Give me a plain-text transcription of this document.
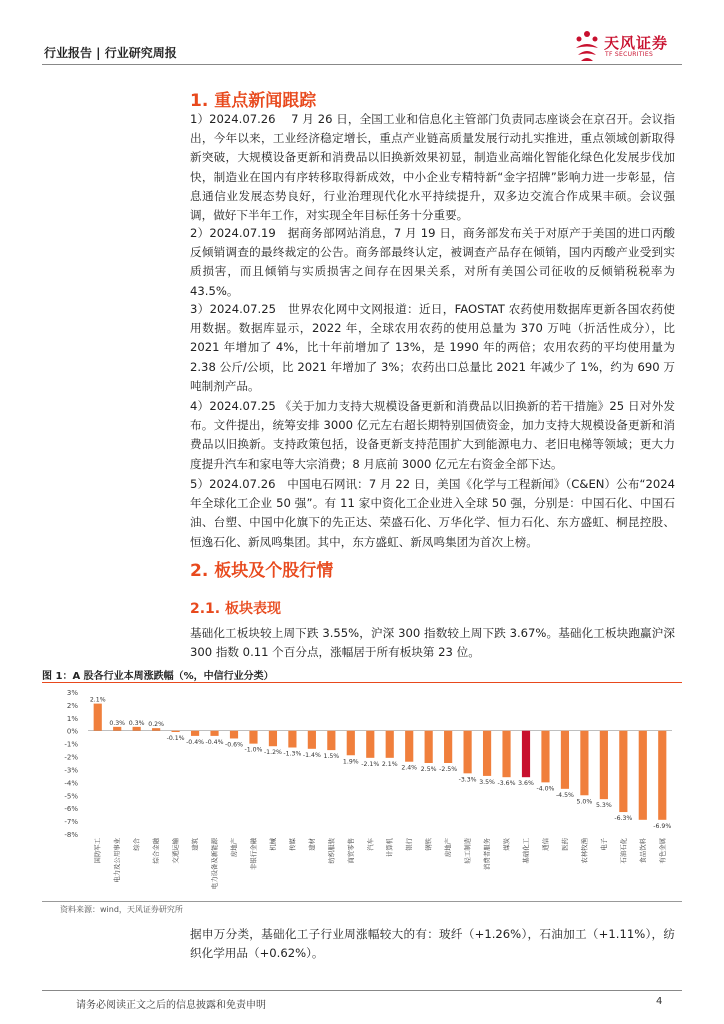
行业报告 | 行业研究周报
天风证券
TF SECURITIES
1. 重点新闻跟踪
1）2024.07.26　 7 月 26 日，全国工业和信息化主管部门负责同志座谈会在京召开。会议指出，今年以来，工业经济稳定增长，重点产业链高质量发展行动扎实推进，重点领域创新取得新突破，大规模设备更新和消费品以旧换新效果初显，制造业高端化智能化绿色化发展步伐加快，制造业在国内有序转移取得新成效，中小企业专精特新“金字招牌”影响力进一步彰显，信息通信业发展态势良好，行业治理现代化水平持续提升，双多边交流合作成果丰硕。会议强调，做好下半年工作，对实现全年目标任务十分重要。
2）2024.07.19　据商务部网站消息，7 月 19 日，商务部发布关于对原产于美国的进口丙酸反倾销调查的最终裁定的公告。商务部最终认定，被调查产品存在倾销，国内丙酸产业受到实质损害，而且倾销与实质损害之间存在因果关系，对所有美国公司征收的反倾销税税率为 43.5%。
3）2024.07.25　世界农化网中文网报道：近日，FAOSTAT 农药使用数据库更新各国农药使用数据。数据库显示，2022 年，全球农用农药的使用总量为 370 万吨（折活性成分），比 2021 年增加了 4%，比十年前增加了 13%，是 1990 年的两倍；农用农药的平均使用量为 2.38 公斤/公顷，比 2021 年增加了 3%；农药出口总量比 2021 年减少了 1%，约为 690 万吨制剂产品。
4）2024.07.25 《关于加力支持大规模设备更新和消费品以旧换新的若干措施》25 日对外发布。文件提出，统筹安排 3000 亿元左右超长期特别国债资金，加力支持大规模设备更新和消费品以旧换新。支持政策包括，设备更新支持范围扩大到能源电力、老旧电梯等领域；更大力度提升汽车和家电等大宗消费；8 月底前 3000 亿元左右资金全部下达。
5）2024.07.26　中国电石网讯：7 月 22 日，美国《化学与工程新闻》（C&EN）公布“2024 年全球化工企业 50 强”。有 11 家中资化工企业进入全球 50 强，分别是：中国石化、中国石油、台塑、中国中化旗下的先正达、荣盛石化、万华化学、恒力石化、东方盛虹、桐昆控股、恒逸石化、新凤鸣集团。其中，东方盛虹、新凤鸣集团为首次上榜。
2. 板块及个股行情
2.1. 板块表现
基础化工板块较上周下跌 3.55%，沪深 300 指数较上周下跌 3.67%。基础化工板块跑赢沪深 300 指数 0.11 个百分点，涨幅居于所有板块第 23 位。
图 1：A 股各行业本周涨跌幅（%，中信行业分类）
3%
2%
1%
0%
-1%
-2%
-3%
-4%
-5%
-6%
-7%
-8%
2.1%
国防军工
0.3%
电力及公用事业
0.3%
综合
0.2%
综合金融
-0.1%
交通运输
-0.4%
建筑
-0.4%
电力设备及新能源
-0.6%
房地产
-1.0%
非银行金融
-1.2%
机械
-1.3%
传媒
-1.4%
建材
1.5%
纺织服装
1.9%
商贸零售
-2.1%
汽车
2.1%
计算机
2.4%
银行
2.5%
钢铁
-2.5%
房地产
-3.3%
轻工制造
3.5%
消费者服务
-3.6%
煤炭
3.6%
基础化工
-4.0%
通信
-4.5%
医药
5.0%
农林牧渔
5.3%
电子
-6.3%
石油石化 食品饮料
-6.9%
有色金属
资料来源：wind，天风证券研究所
据申万分类，基础化工子行业周涨幅较大的有：玻纤（+1.26%），石油加工（+1.11%），纺织化学用品（+0.62%）。
请务必阅读正文之后的信息披露和免责申明	4
